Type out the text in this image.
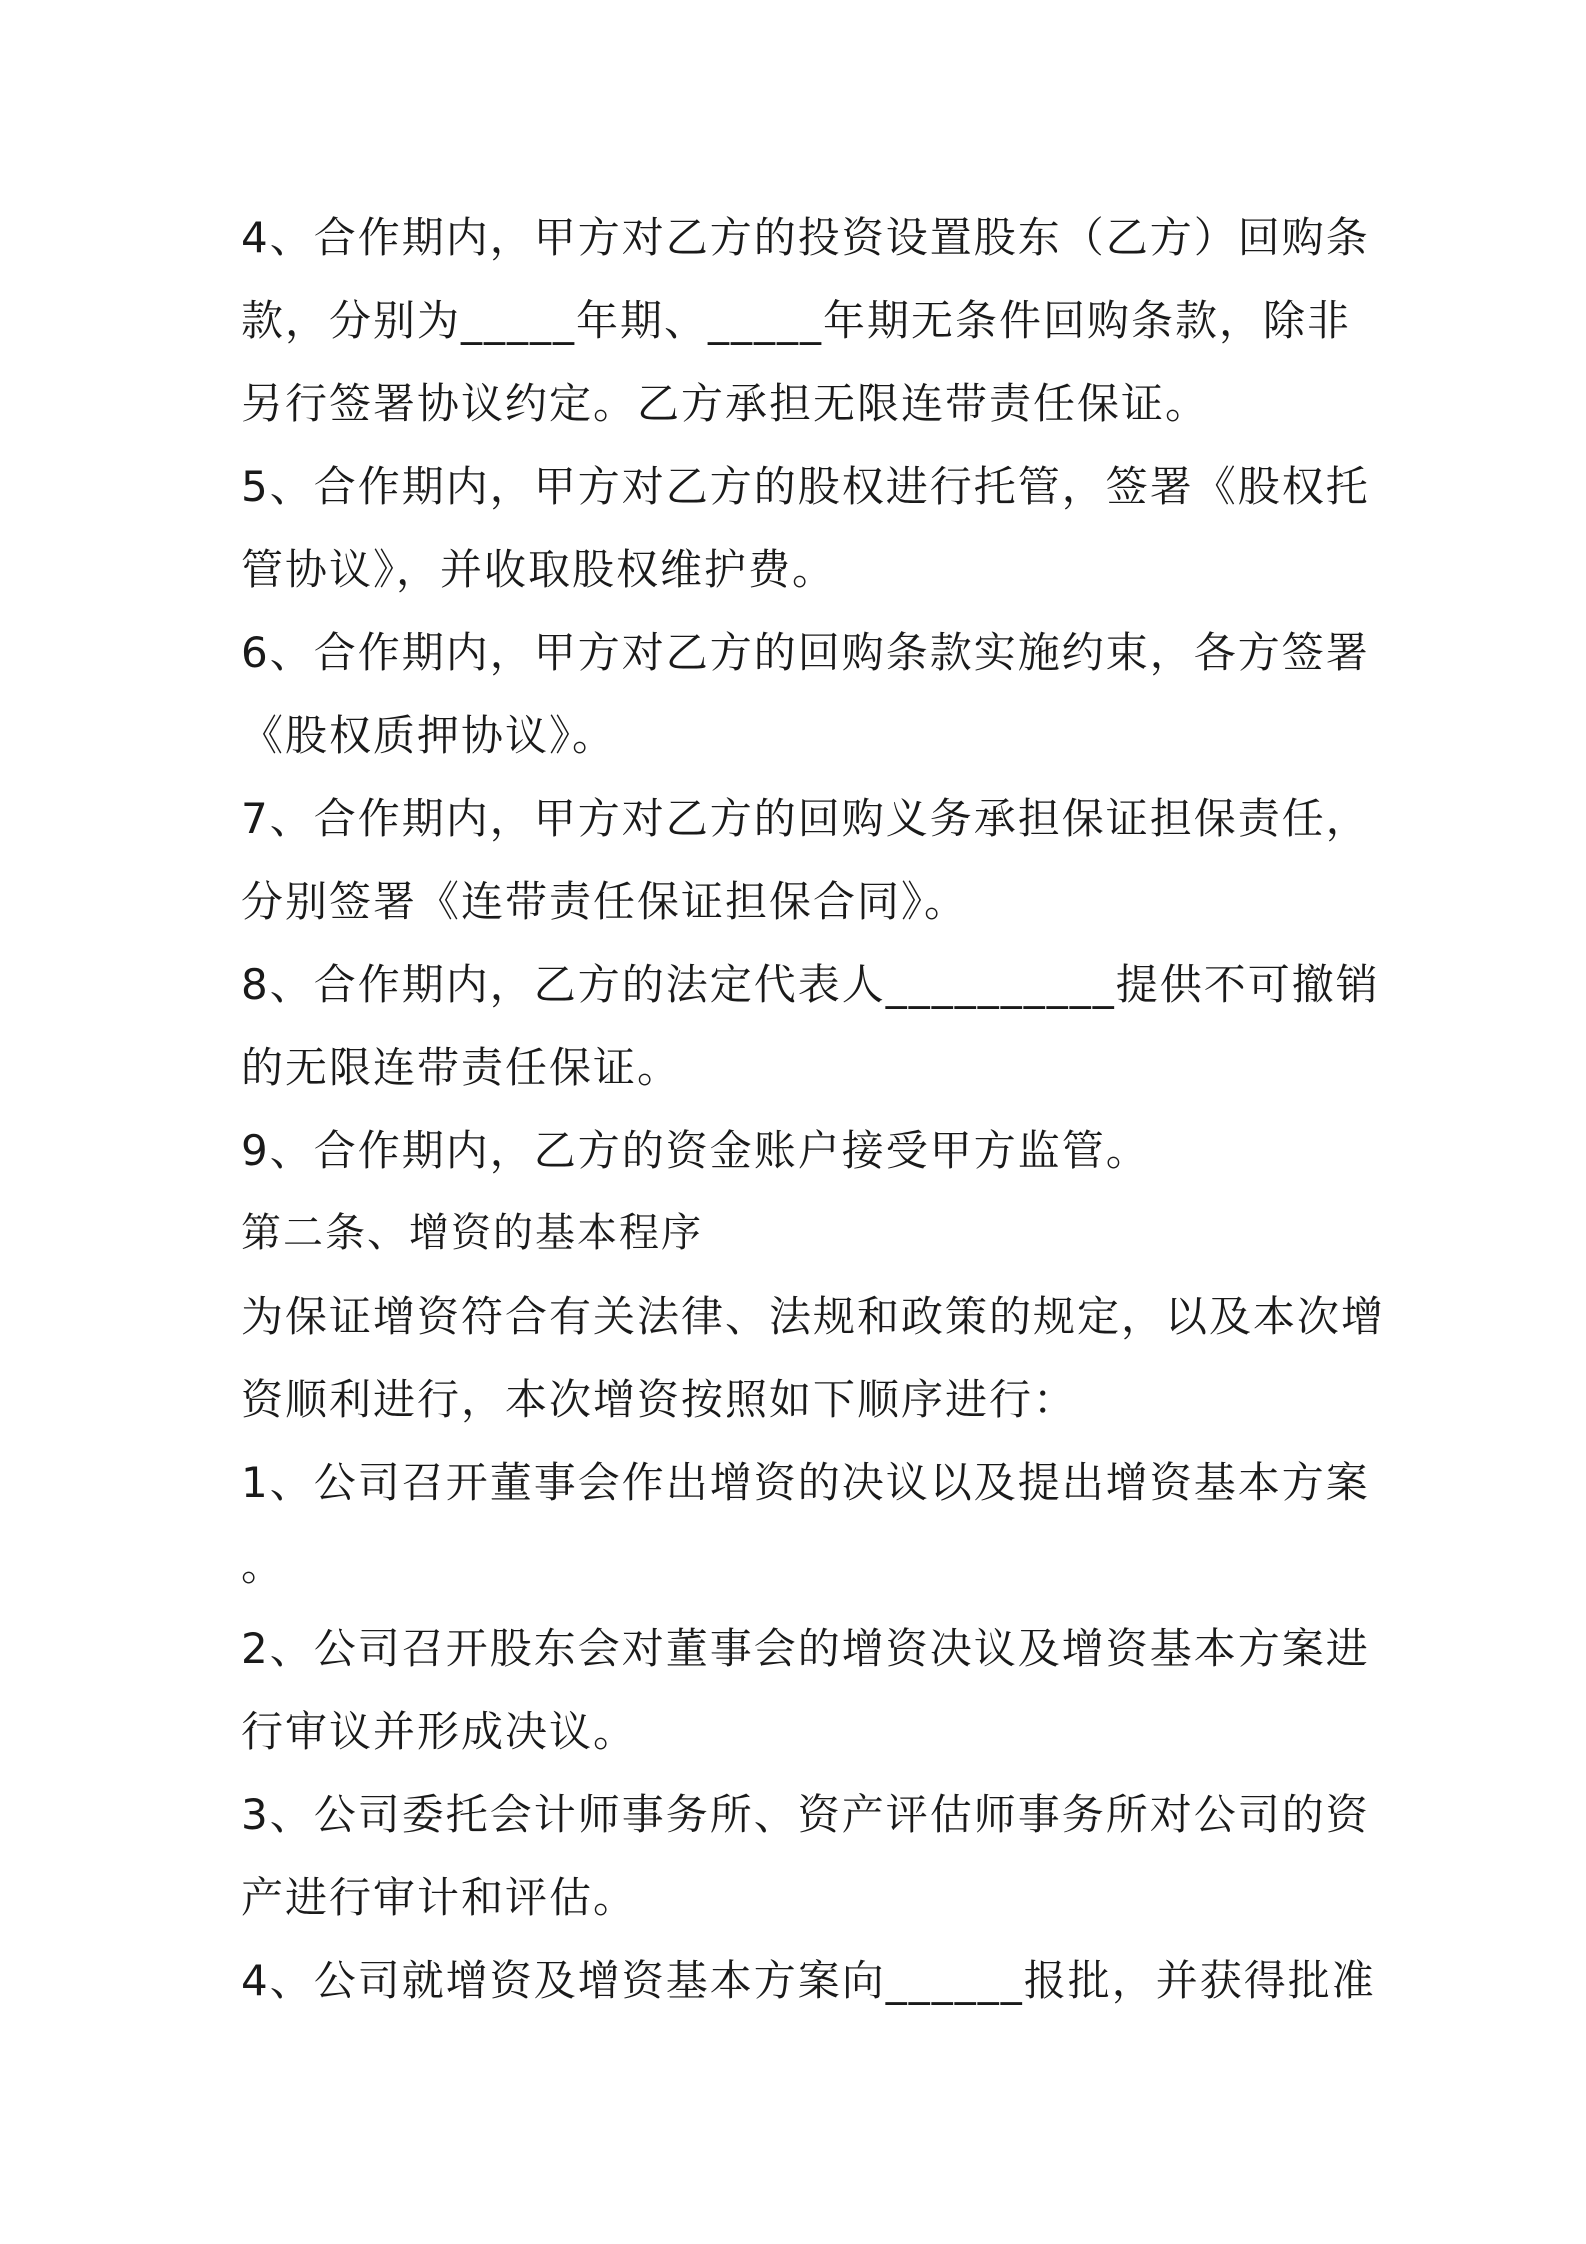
4、合作期内，甲方对乙方的投资设置股东（乙方）回购条

款，分别为_____年期、_____年期无条件回购条款，除非

另行签署协议约定。乙方承担无限连带责任保证。

5、合作期内，甲方对乙方的股权进行托管，签署《股权托

管协议》，并收取股权维护费。

6、合作期内，甲方对乙方的回购条款实施约束，各方签署

《股权质押协议》。

7、合作期内，甲方对乙方的回购义务承担保证担保责任，

分别签署《连带责任保证担保合同》。

8、合作期内，乙方的法定代表人__________提供不可撤销

的无限连带责任保证。

9、合作期内，乙方的资金账户接受甲方监管。

第二条、增资的基本程序

为保证增资符合有关法律、法规和政策的规定，以及本次增

资顺利进行，本次增资按照如下顺序进行：

1、公司召开董事会作出增资的决议以及提出增资基本方案

。

2、公司召开股东会对董事会的增资决议及增资基本方案进

行审议并形成决议。

3、公司委托会计师事务所、资产评估师事务所对公司的资

产进行审计和评估。

4、公司就增资及增资基本方案向______报批，并获得批准
